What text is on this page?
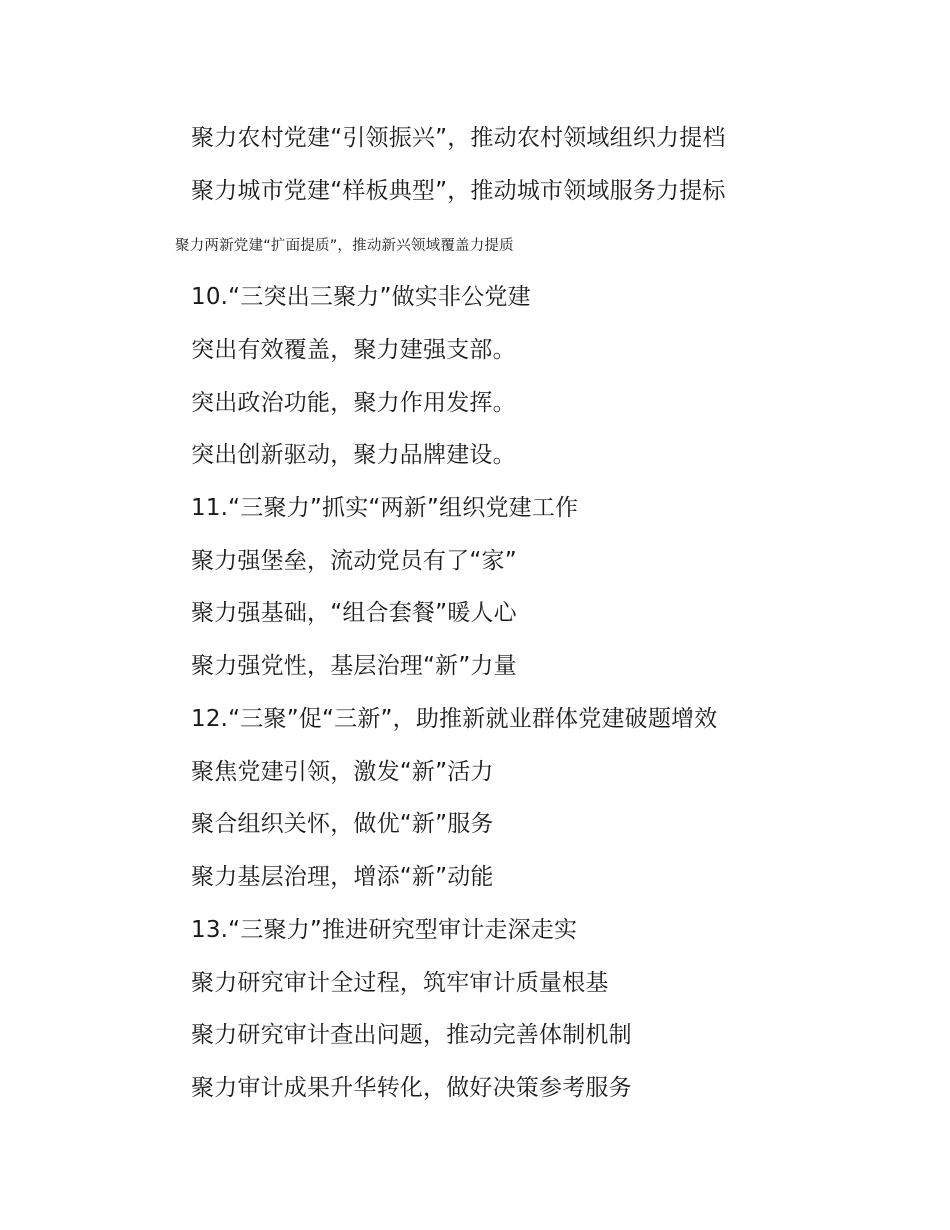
聚力农村党建“引领振兴”，推动农村领域组织力提档
聚力城市党建“样板典型”，推动城市领域服务力提标
聚力两新党建“扩面提质”，推动新兴领域覆盖力提质
10.“三突出三聚力”做实非公党建
突出有效覆盖，聚力建强支部。
突出政治功能，聚力作用发挥。
突出创新驱动，聚力品牌建设。
11.“三聚力”抓实“两新”组织党建工作
聚力强堡垒，流动党员有了“家”
聚力强基础，“组合套餐”暖人心
聚力强党性，基层治理“新”力量
12.“三聚”促“三新”，助推新就业群体党建破题增效
聚焦党建引领，激发“新”活力
聚合组织关怀，做优“新”服务
聚力基层治理，增添“新”动能
13.“三聚力”推进研究型审计走深走实
聚力研究审计全过程，筑牢审计质量根基
聚力研究审计查出问题，推动完善体制机制
聚力审计成果升华转化，做好决策参考服务
